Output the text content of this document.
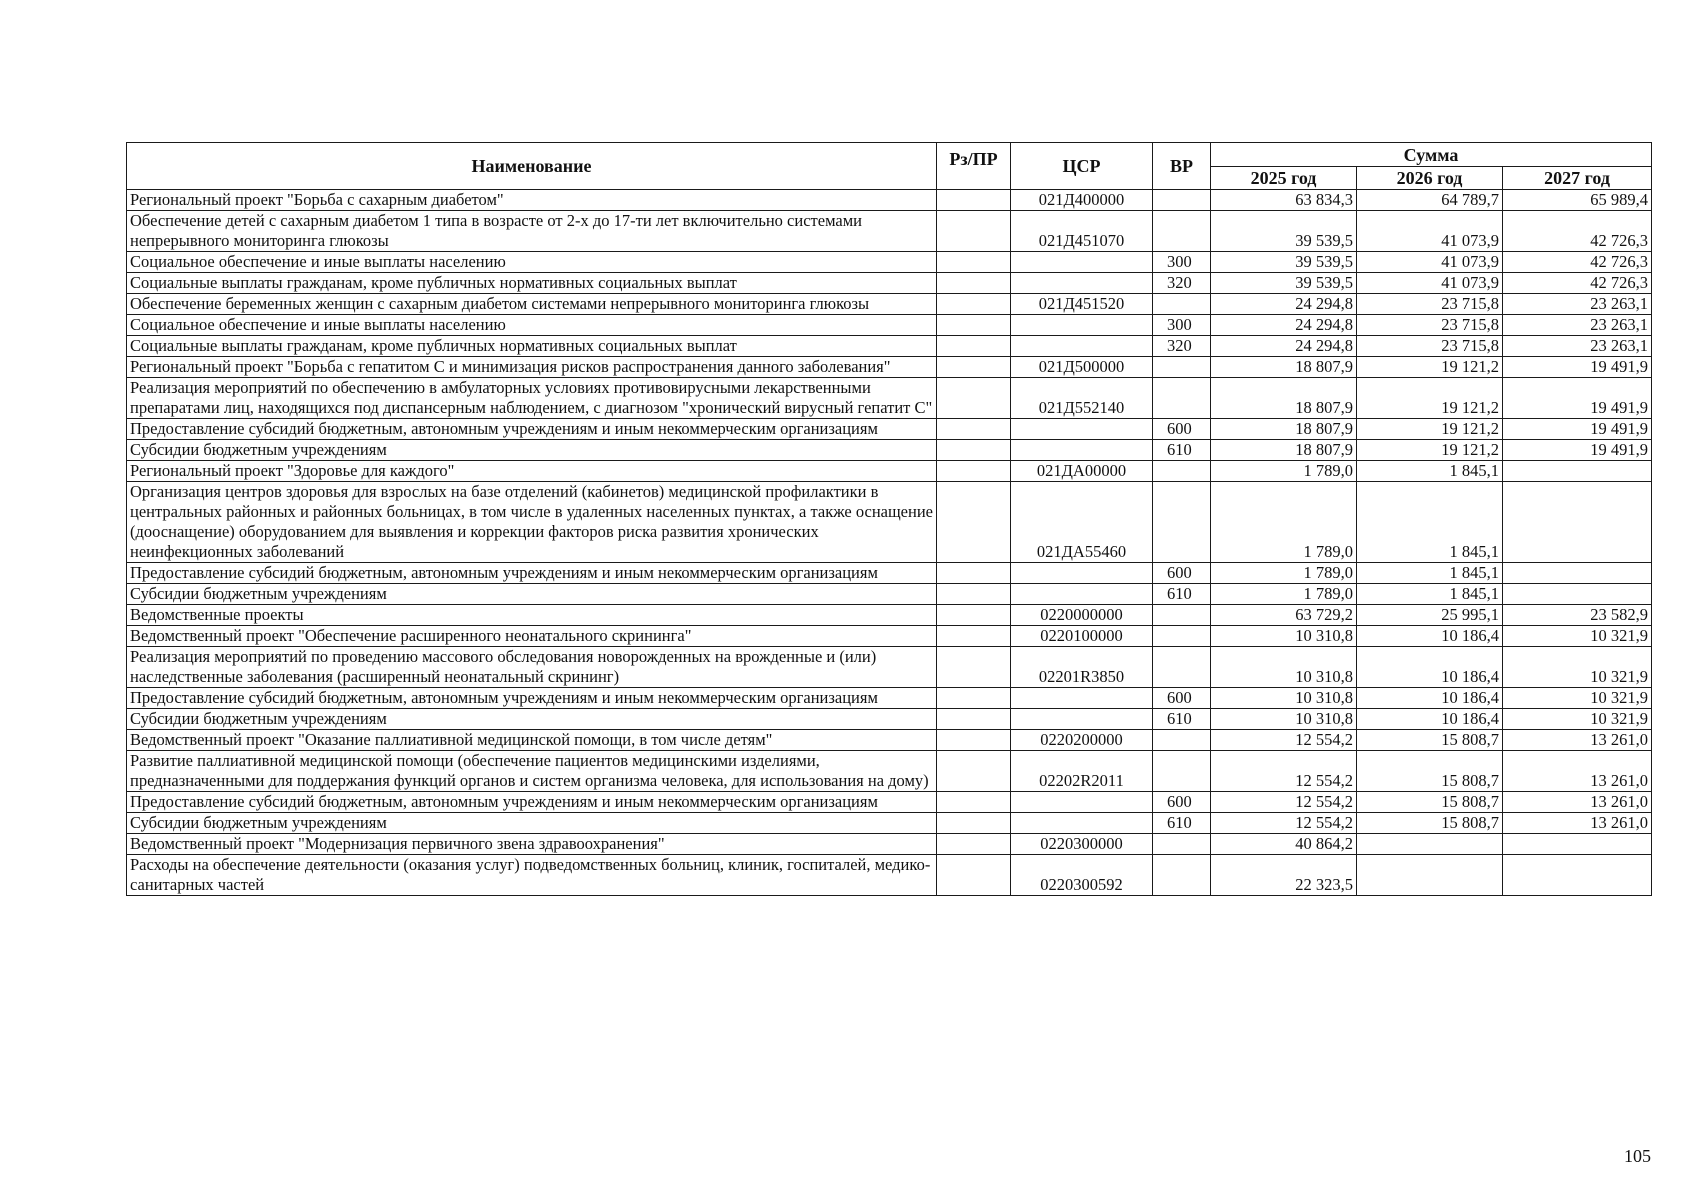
Наименование	Рз/ПР	ЦСР	ВР	Сумма		
				2025 год	2026 год	2027 год
Региональный проект "Борьба с сахарным диабетом"		021Д400000		63 834,3	64 789,7	65 989,4
Обеспечение детей с сахарным диабетом 1 типа в возрасте от 2-х до 17-ти лет включительно системами непрерывного мониторинга глюкозы		021Д451070		39 539,5	41 073,9	42 726,3
Социальное обеспечение и иные выплаты населению			300	39 539,5	41 073,9	42 726,3
Социальные выплаты гражданам, кроме публичных нормативных социальных выплат			320	39 539,5	41 073,9	42 726,3
Обеспечение беременных женщин с сахарным диабетом системами непрерывного мониторинга глюкозы		021Д451520		24 294,8	23 715,8	23 263,1
Социальное обеспечение и иные выплаты населению			300	24 294,8	23 715,8	23 263,1
Социальные выплаты гражданам, кроме публичных нормативных социальных выплат			320	24 294,8	23 715,8	23 263,1
Региональный проект "Борьба с гепатитом С и минимизация рисков распространения данного заболевания"		021Д500000		18 807,9	19 121,2	19 491,9
Реализация мероприятий по обеспечению в амбулаторных условиях противовирусными лекарственными препаратами лиц, находящихся под диспансерным наблюдением, с диагнозом "хронический вирусный гепатит С"		021Д552140		18 807,9	19 121,2	19 491,9
Предоставление субсидий бюджетным, автономным учреждениям и иным некоммерческим организациям			600	18 807,9	19 121,2	19 491,9
Субсидии бюджетным учреждениям			610	18 807,9	19 121,2	19 491,9
Региональный проект "Здоровье для каждого"		021ДА00000		1 789,0	1 845,1	
Организация центров здоровья для взрослых на базе отделений (кабинетов) медицинской профилактики в центральных районных и районных больницах, в том числе в удаленных населенных пунктах, а также оснащение (дооснащение) оборудованием для выявления и коррекции факторов риска развития хронических неинфекционных заболеваний		021ДА55460		1 789,0	1 845,1	
Предоставление субсидий бюджетным, автономным учреждениям и иным некоммерческим организациям			600	1 789,0	1 845,1	
Субсидии бюджетным учреждениям			610	1 789,0	1 845,1	
Ведомственные проекты		0220000000		63 729,2	25 995,1	23 582,9
Ведомственный проект "Обеспечение расширенного неонатального скрининга"		0220100000		10 310,8	10 186,4	10 321,9
Реализация мероприятий по проведению массового обследования новорожденных на врожденные и (или) наследственные заболевания (расширенный неонатальный скрининг)		02201R3850		10 310,8	10 186,4	10 321,9
Предоставление субсидий бюджетным, автономным учреждениям и иным некоммерческим организациям			600	10 310,8	10 186,4	10 321,9
Субсидии бюджетным учреждениям			610	10 310,8	10 186,4	10 321,9
Ведомственный проект "Оказание паллиативной медицинской помощи, в том числе детям"		0220200000		12 554,2	15 808,7	13 261,0
Развитие паллиативной медицинской помощи (обеспечение пациентов медицинскими изделиями, предназначенными для поддержания функций органов и систем организма человека, для использования на дому)		02202R2011		12 554,2	15 808,7	13 261,0
Предоставление субсидий бюджетным, автономным учреждениям и иным некоммерческим организациям			600	12 554,2	15 808,7	13 261,0
Субсидии бюджетным учреждениям			610	12 554,2	15 808,7	13 261,0
Ведомственный проект "Модернизация первичного звена здравоохранения"		0220300000		40 864,2		
Расходы на обеспечение деятельности (оказания услуг) подведомственных больниц, клиник, госпиталей, медико-санитарных частей		0220300592		22 323,5		
105
